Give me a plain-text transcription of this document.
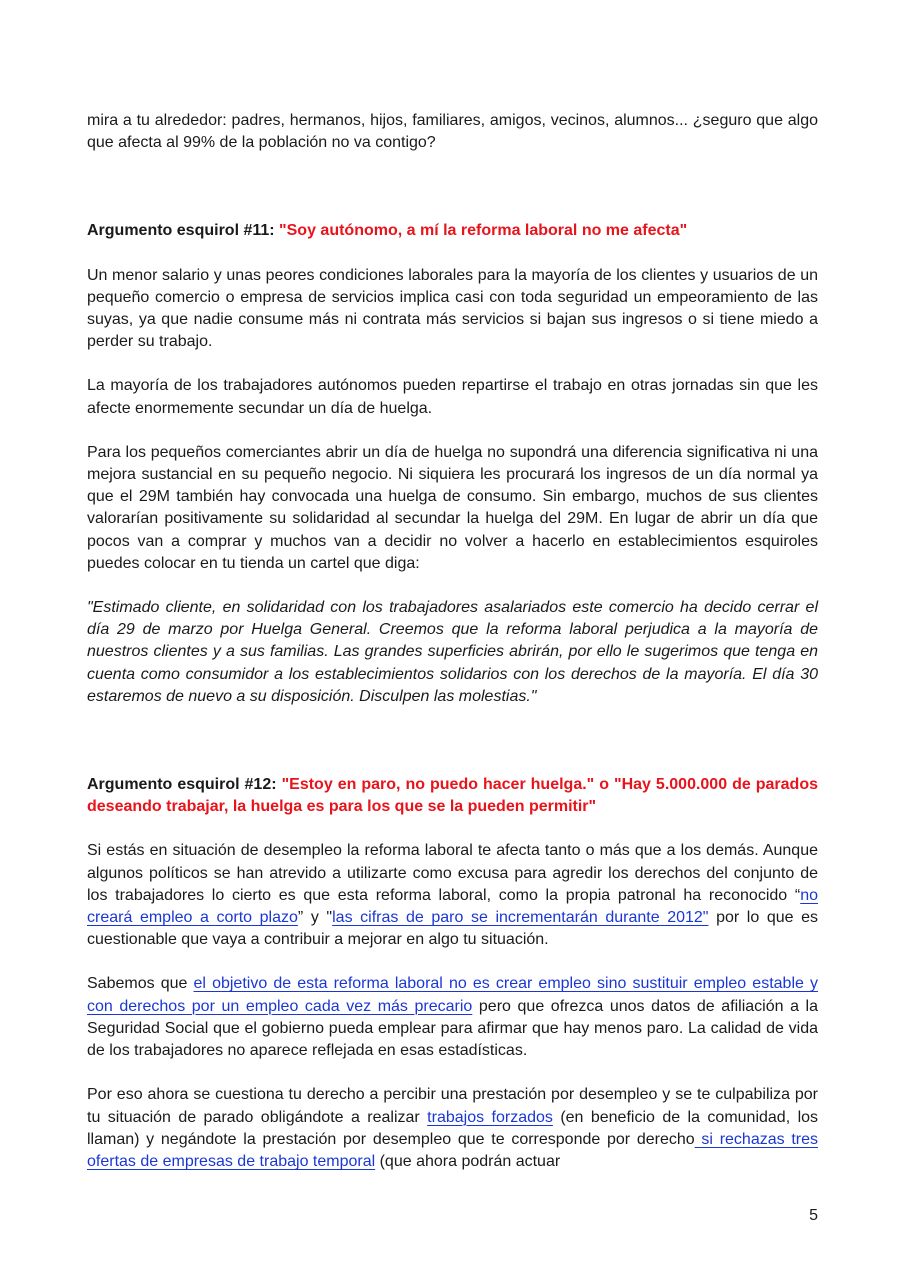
mira a tu alrededor: padres, hermanos, hijos, familiares, amigos, vecinos, alumnos... ¿seguro que algo que afecta al 99% de la población no va contigo?

Argumento esquirol #11: "Soy autónomo, a mí la reforma laboral no me afecta"

Un menor salario y unas peores condiciones laborales para la mayoría de los clientes y usuarios de un pequeño comercio o empresa de servicios implica casi con toda seguridad un empeoramiento de las suyas, ya que nadie consume más ni contrata más servicios si bajan sus ingresos o si tiene miedo a perder su trabajo.

La mayoría de los trabajadores autónomos pueden repartirse el trabajo en otras jornadas sin que les afecte enormemente secundar un día de huelga.

Para los pequeños comerciantes abrir un día de huelga no supondrá una diferencia significativa ni una mejora sustancial en su pequeño negocio. Ni siquiera les procurará los ingresos de un día normal ya que el 29M también hay convocada una huelga de consumo. Sin embargo, muchos de sus clientes valorarían positivamente su solidaridad al secundar la huelga del 29M. En lugar de abrir un día que pocos van a comprar y muchos van a decidir no volver a hacerlo en establecimientos esquiroles puedes colocar en tu tienda un cartel que diga:

"Estimado cliente, en solidaridad con los trabajadores asalariados este comercio ha decido cerrar el día 29 de marzo por Huelga General. Creemos que la reforma laboral perjudica a la mayoría de nuestros clientes y a sus familias. Las grandes superficies abrirán, por ello le sugerimos que tenga en cuenta como consumidor a los establecimientos solidarios con los derechos de la mayoría. El día 30 estaremos de nuevo a su disposición. Disculpen las molestias."

Argumento esquirol #12: "Estoy en paro, no puedo hacer huelga." o "Hay 5.000.000 de parados deseando trabajar, la huelga es para los que se la pueden permitir"

Si estás en situación de desempleo la reforma laboral te afecta tanto o más que a los demás. Aunque algunos políticos se han atrevido a utilizarte como excusa para agredir los derechos del conjunto de los trabajadores lo cierto es que esta reforma laboral, como la propia patronal ha reconocido “no creará empleo a corto plazo” y "las cifras de paro se incrementarán durante 2012" por lo que es cuestionable que vaya a contribuir a mejorar en algo tu situación.

Sabemos que el objetivo de esta reforma laboral no es crear empleo sino sustituir empleo estable y con derechos por un empleo cada vez más precario pero que ofrezca unos datos de afiliación a la Seguridad Social que el gobierno pueda emplear para afirmar que hay menos paro. La calidad de vida de los trabajadores no aparece reflejada en esas estadísticas.

Por eso ahora se cuestiona tu derecho a percibir una prestación por desempleo y se te culpabiliza por tu situación de parado obligándote a realizar trabajos forzados (en beneficio de la comunidad, los llaman) y negándote la prestación por desempleo que te corresponde por derecho si rechazas tres ofertas de empresas de trabajo temporal (que ahora podrán actuar

5
